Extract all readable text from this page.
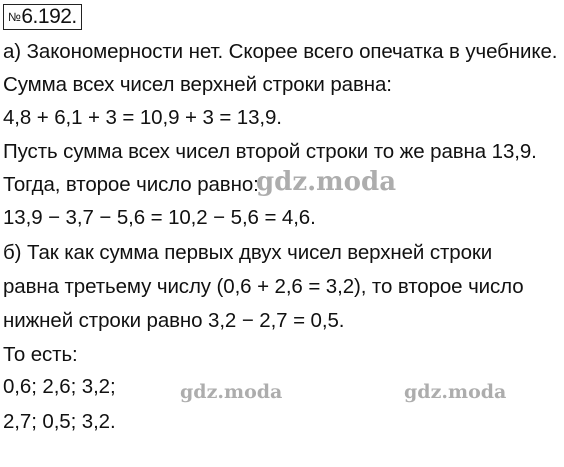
№6.192.
а) Закономерности нет. Скорее всего опечатка в учебнике.
Сумма всех чисел верхней строки равна:
4,8 + 6,1 + 3 = 10,9 + 3 = 13,9.
Пусть сумма всех чисел второй строки то же равна 13,9.
Тогда, второе число равно:
13,9 − 3,7 − 5,6 = 10,2 − 5,6 = 4,6.
б) Так как сумма первых двух чисел верхней строки
равна третьему числу (0,6 + 2,6 = 3,2), то второе число
нижней строки равно 3,2 − 2,7 = 0,5.
То есть:
0,6; 2,6; 3,2;
2,7; 0,5; 3,2.
gdz.moda
gdz.moda	gdz.moda
